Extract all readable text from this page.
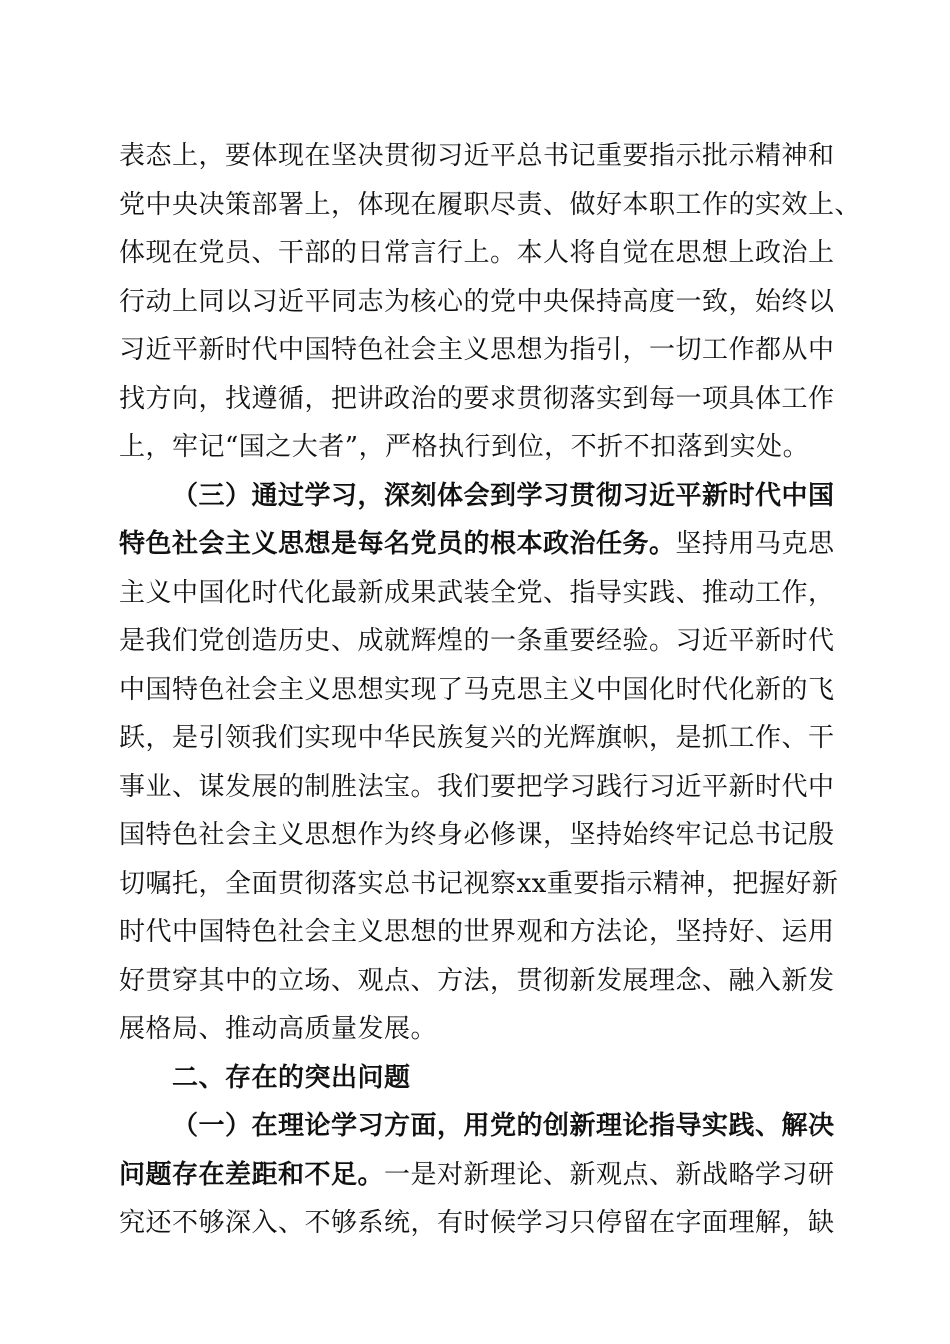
表态上，要体现在坚决贯彻习近平总书记重要指示批示精神和
党中央决策部署上，体现在履职尽责、做好本职工作的实效上、
体现在党员、干部的日常言行上。本人将自觉在思想上政治上
行动上同以习近平同志为核心的党中央保持高度一致，始终以
习近平新时代中国特色社会主义思想为指引，一切工作都从中
找方向，找遵循，把讲政治的要求贯彻落实到每一项具体工作
上，牢记“国之大者”，严格执行到位，不折不扣落到实处。
（三）通过学习，深刻体会到学习贯彻习近平新时代中国
特色社会主义思想是每名党员的根本政治任务。坚持用马克思
主义中国化时代化最新成果武装全党、指导实践、推动工作，
是我们党创造历史、成就辉煌的一条重要经验。习近平新时代
中国特色社会主义思想实现了马克思主义中国化时代化新的飞
跃，是引领我们实现中华民族复兴的光辉旗帜，是抓工作、干
事业、谋发展的制胜法宝。我们要把学习践行习近平新时代中
国特色社会主义思想作为终身必修课，坚持始终牢记总书记殷
切嘱托，全面贯彻落实总书记视察xx重要指示精神，把握好新
时代中国特色社会主义思想的世界观和方法论，坚持好、运用
好贯穿其中的立场、观点、方法，贯彻新发展理念、融入新发
展格局、推动高质量发展。
二、存在的突出问题
（一）在理论学习方面，用党的创新理论指导实践、解决
问题存在差距和不足。一是对新理论、新观点、新战略学习研
究还不够深入、不够系统，有时候学习只停留在字面理解，缺
